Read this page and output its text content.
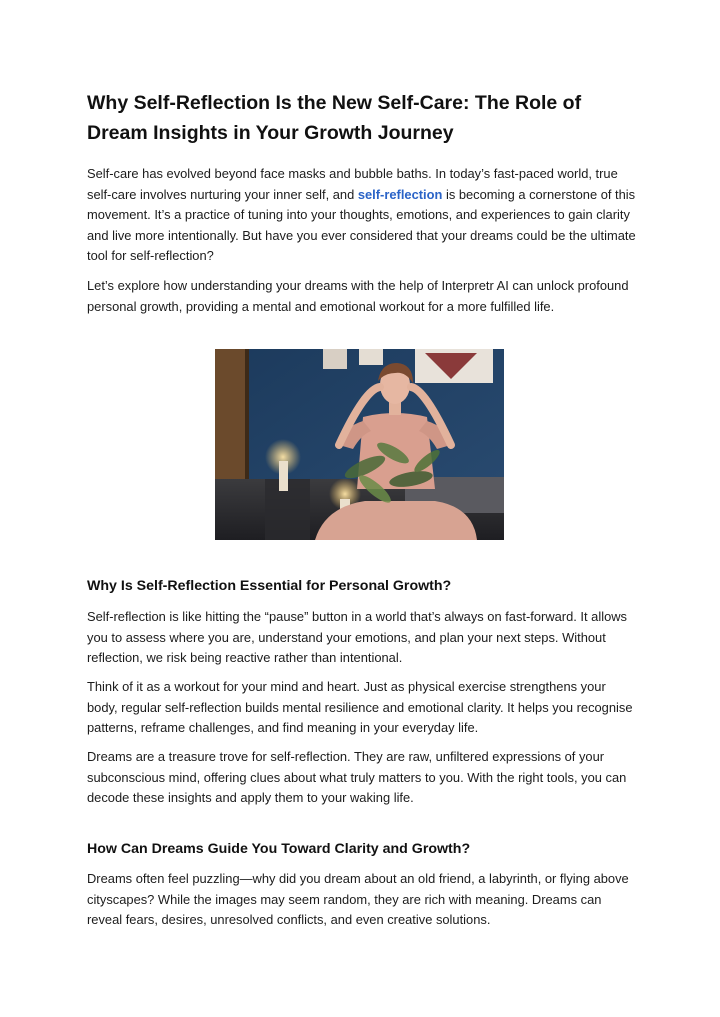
Why Self-Reflection Is the New Self-Care: The Role of Dream Insights in Your Growth Journey

Self-care has evolved beyond face masks and bubble baths. In today’s fast-paced world, true self-care involves nurturing your inner self, and self-reflection is becoming a cornerstone of this movement. It’s a practice of tuning into your thoughts, emotions, and experiences to gain clarity and live more intentionally. But have you ever considered that your dreams could be the ultimate tool for self-reflection?

Let’s explore how understanding your dreams with the help of Interpretr AI can unlock profound personal growth, providing a mental and emotional workout for a more fulfilled life.

Why Is Self-Reflection Essential for Personal Growth?

Self-reflection is like hitting the “pause” button in a world that’s always on fast-forward. It allows you to assess where you are, understand your emotions, and plan your next steps. Without reflection, we risk being reactive rather than intentional.

Think of it as a workout for your mind and heart. Just as physical exercise strengthens your body, regular self-reflection builds mental resilience and emotional clarity. It helps you recognise patterns, reframe challenges, and find meaning in your everyday life.

Dreams are a treasure trove for self-reflection. They are raw, unfiltered expressions of your subconscious mind, offering clues about what truly matters to you. With the right tools, you can decode these insights and apply them to your waking life.

How Can Dreams Guide You Toward Clarity and Growth?

Dreams often feel puzzling—why did you dream about an old friend, a labyrinth, or flying above cityscapes? While the images may seem random, they are rich with meaning. Dreams can reveal fears, desires, unresolved conflicts, and even creative solutions.
